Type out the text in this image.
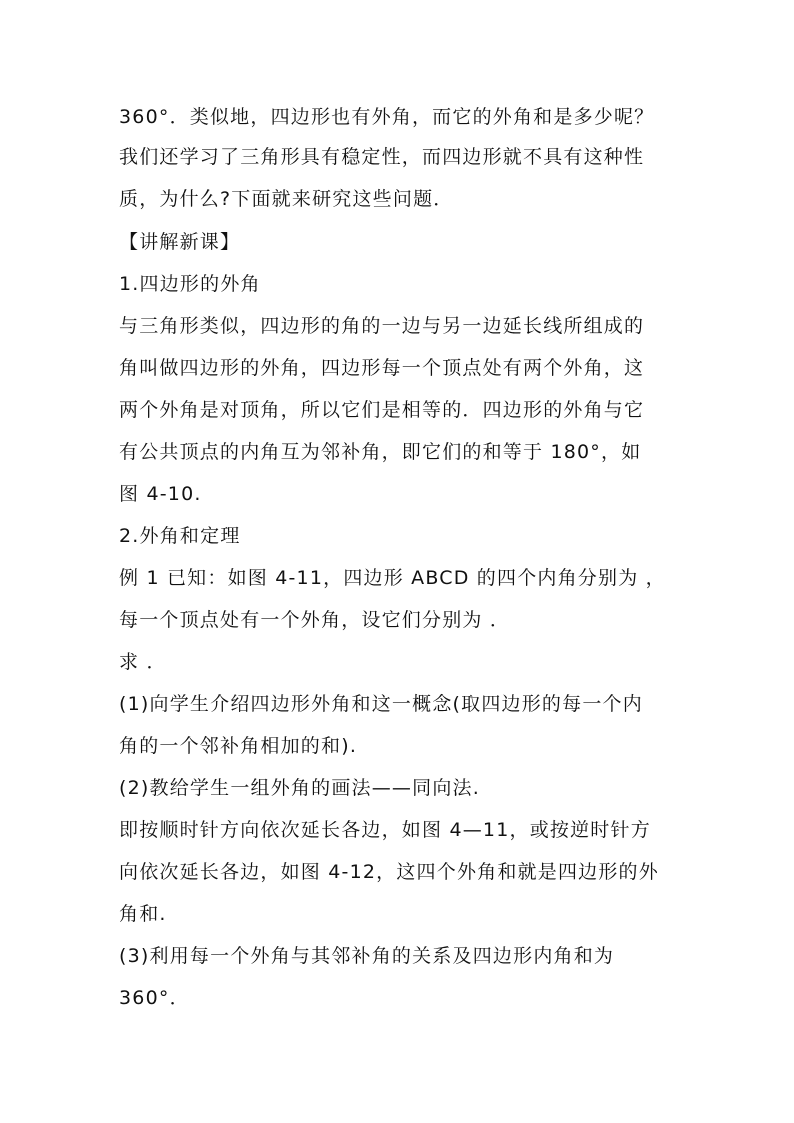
360°．类似地，四边形也有外角，而它的外角和是多少呢？
我们还学习了三角形具有稳定性，而四边形就不具有这种性
质，为什么?下面就来研究这些问题．
【讲解新课】
1.四边形的外角
与三角形类似，四边形的角的一边与另一边延长线所组成的
角叫做四边形的外角，四边形每一个顶点处有两个外角，这
两个外角是对顶角，所以它们是相等的．四边形的外角与它
有公共顶点的内角互为邻补角，即它们的和等于 180°，如
图 4-10.
2.外角和定理
例 1 已知：如图 4-11，四边形 ABCD 的四个内角分别为 ，
每一个顶点处有一个外角，设它们分别为 ．
求 ．
(1)向学生介绍四边形外角和这一概念(取四边形的每一个内
角的一个邻补角相加的和).
(2)教给学生一组外角的画法——同向法.
即按顺时针方向依次延长各边，如图 4—11，或按逆时针方
向依次延长各边，如图 4-12，这四个外角和就是四边形的外
角和.
(3)利用每一个外角与其邻补角的关系及四边形内角和为
360°．
